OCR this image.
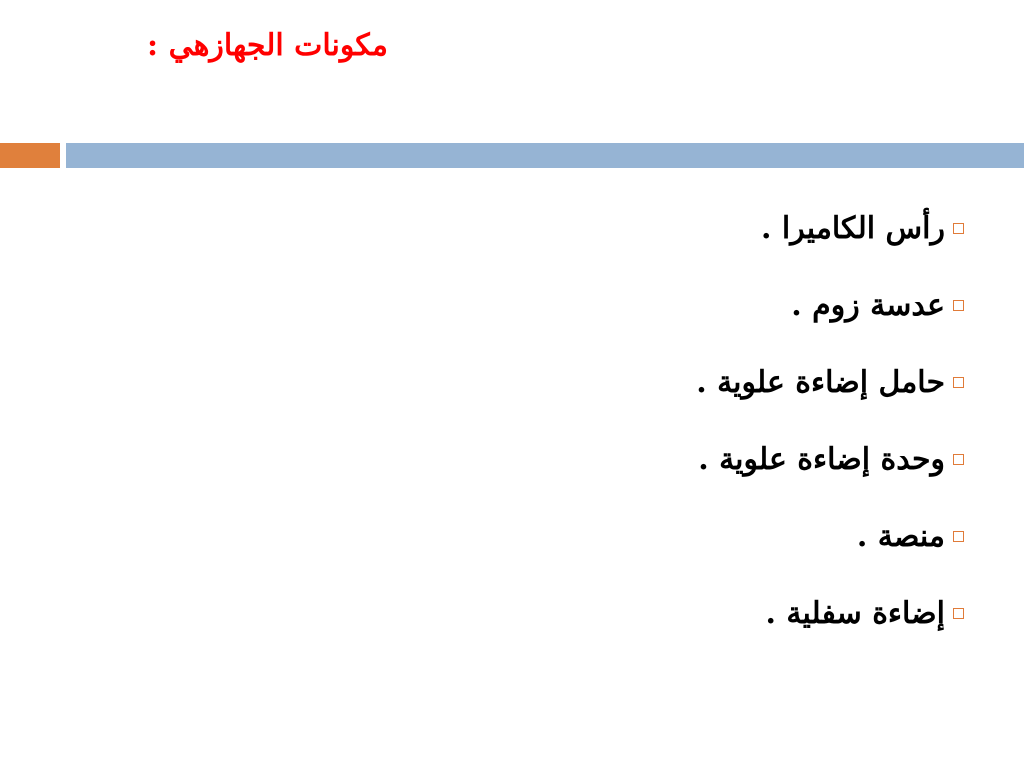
مكونات الجهازهي :
رأس الكاميرا .
عدسة زوم .
حامل إضاءة علوية .
وحدة إضاءة علوية .
منصة .
إضاءة سفلية .
